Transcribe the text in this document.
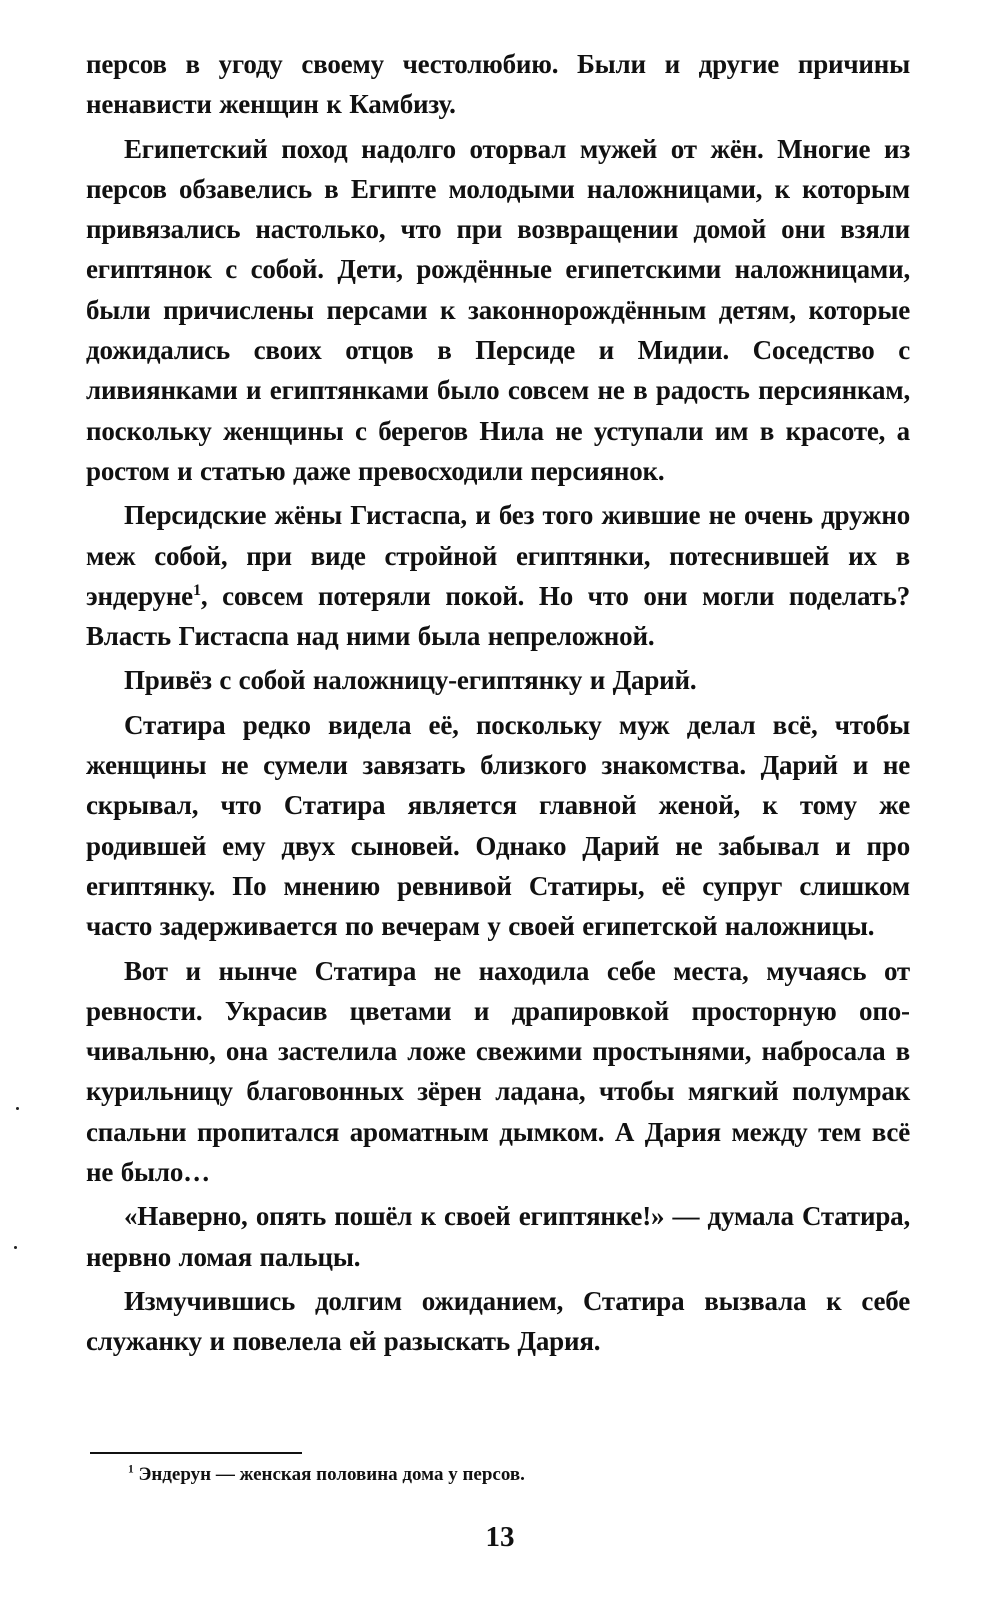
персов в угоду своему честолюбию. Были и другие причины ненависти женщин к Камбизу.

Египетский поход надолго оторвал мужей от жён. Многие из персов обзавелись в Египте молодыми наложницами, к которым привязались настолько, что при возвращении домой они взяли египтянок с собой. Дети, рождённые египетскими наложницами, были причислены персами к законнорождённым детям, которые дожидались своих отцов в Персиде и Мидии. Соседство с ливиянками и египтянками было совсем не в радость персиянкам, поскольку женщины с берегов Нила не уступали им в красоте, а ростом и статью даже превосходили персиянок.

Персидские жёны Гистаспа, и без того жившие не очень дружно меж собой, при виде стройной египтянки, потеснившей их в эндеруне$^1$, совсем потеряли покой. Но что они могли поделать? Власть Гистаспа над ними была непреложной.

Привёз с собой наложницу-египтянку и Дарий.

Статира редко видела её, поскольку муж делал всё, чтобы женщины не сумели завязать близкого знакомства. Дарий и не скрывал, что Статира является главной женой, к тому же родившей ему двух сыновей. Однако Дарий не забывал и про египтянку. По мнению ревнивой Статиры, её супруг слишком часто задерживается по вечерам у своей египетской наложницы.

Вот и нынче Статира не находила себе места, мучаясь от ревности. Украсив цветами и драпировкой просторную опочивальню, она застелила ложе свежими простынями, набросала в курильницу благовонных зёрен ладана, чтобы мягкий полумрак спальни пропитался ароматным дымком. А Дария между тем всё не было…

«Наверно, опять пошёл к своей египтянке!» — думала Статира, нервно ломая пальцы.

Измучившись долгим ожиданием, Статира вызвала к себе служанку и повелела ей разыскать Дария.

$^1$ Эндерун — женская половина дома у персов.
13
